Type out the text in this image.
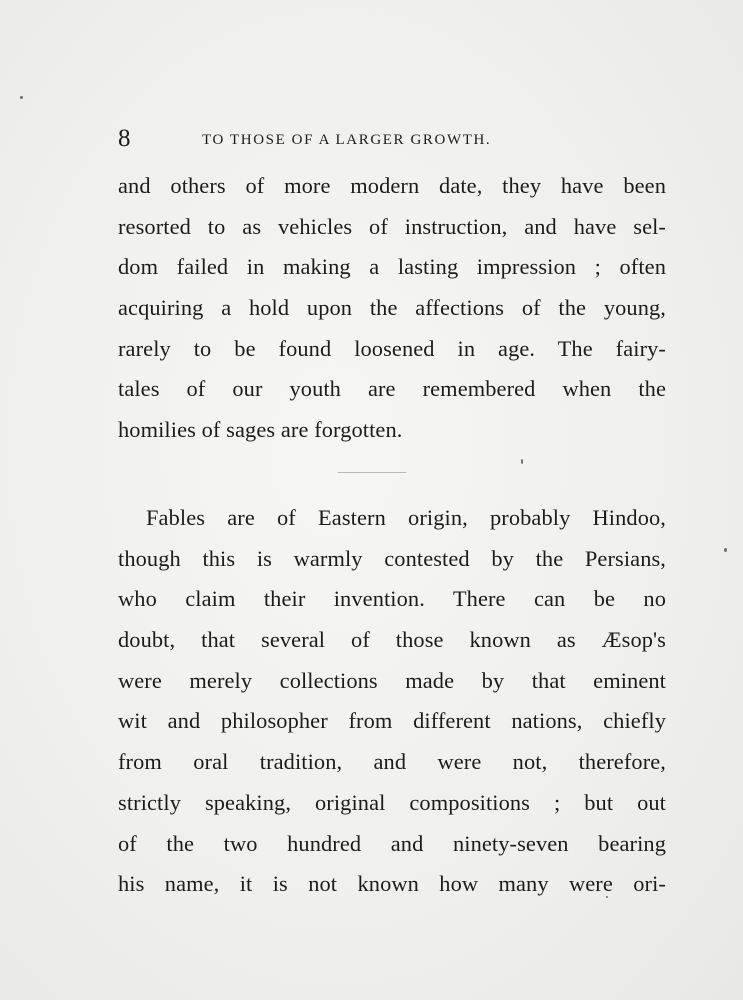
8	TO THOSE OF A LARGER GROWTH.
and others of more modern date, they have been
resorted to as vehicles of instruction, and have sel-
dom failed in making a lasting impression ; often
acquiring a hold upon the affections of the young,
rarely to be found loosened in age. The fairy-
tales of our youth are remembered when the
homilies of sages are forgotten.
Fables are of Eastern origin, probably Hindoo,
though this is warmly contested by the Persians,
who claim their invention. There can be no
doubt, that several of those known as Æsop's
were merely collections made by that eminent
wit and philosopher from different nations, chiefly
from oral tradition, and were not, therefore,
strictly speaking, original compositions ; but out
of the two hundred and ninety-seven bearing
his name, it is not known how many were ori-
